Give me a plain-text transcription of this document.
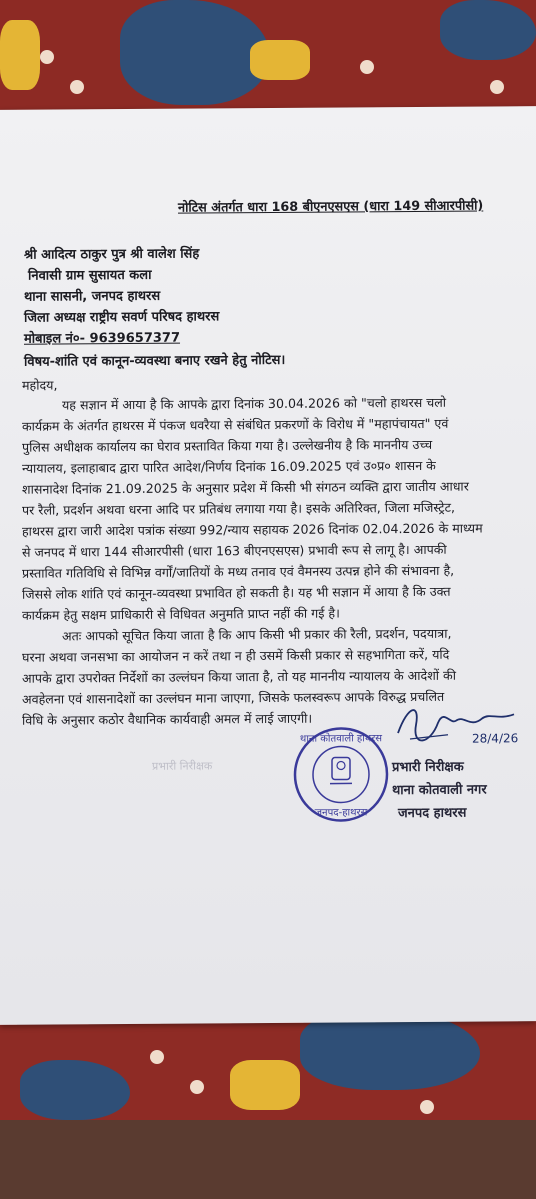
नोटिस अंतर्गत धारा 168 बीएनएसएस (धारा 149 सीआरपीसी)
श्री आदित्य ठाकुर पुत्र श्री वालेश सिंह
निवासी ग्राम सुसायत कला
थाना सासनी, जनपद हाथरस
जिला अध्यक्ष राष्ट्रीय सवर्ण परिषद हाथरस
मोबाइल नं०- 9639657377
विषय-शांति एवं कानून-व्यवस्था बनाए रखने हेतु नोटिस।
महोदय,
यह सज्ञान में आया है कि आपके द्वारा दिनांक 30.04.2026 को "चलो हाथरस चलो
कार्यक्रम के अंतर्गत हाथरस में पंकज धवरैया से संबंधित प्रकरणों के विरोध में "महापंचायत" एवं
पुलिस अधीक्षक कार्यालय का घेराव प्रस्तावित किया गया है। उल्लेखनीय है कि माननीय उच्च
न्यायालय, इलाहाबाद द्वारा पारित आदेश/निर्णय दिनांक 16.09.2025 एवं उ०प्र० शासन के
शासनादेश दिनांक 21.09.2025 के अनुसार प्रदेश में किसी भी संगठन व्यक्ति द्वारा जातीय आधार
पर रैली, प्रदर्शन अथवा धरना आदि पर प्रतिबंध लगाया गया है। इसके अतिरिक्त, जिला मजिस्ट्रेट,
हाथरस द्वारा जारी आदेश पत्रांक संख्या 992/न्याय सहायक 2026 दिनांक 02.04.2026 के माध्यम
से जनपद में धारा 144 सीआरपीसी (धारा 163 बीएनएसएस) प्रभावी रूप से लागू है। आपकी
प्रस्तावित गतिविधि से विभिन्न वर्गों/जातियों के मध्य तनाव एवं वैमनस्य उत्पन्न होने की संभावना है,
जिससे लोक शांति एवं कानून-व्यवस्था प्रभावित हो सकती है। यह भी सज्ञान में आया है कि उक्त
कार्यक्रम हेतु सक्षम प्राधिकारी से विधिवत अनुमति प्राप्त नहीं की गई है।
अतः आपको सूचित किया जाता है कि आप किसी भी प्रकार की रैली, प्रदर्शन, पदयात्रा,
घरना अथवा जनसभा का आयोजन न करें तथा न ही उसमें किसी प्रकार से सहभागिता करें, यदि
आपके द्वारा उपरोक्त निर्देशों का उल्लंघन किया जाता है, तो यह माननीय न्यायालय के आदेशों की
अवहेलना एवं शासनादेशों का उल्लंघन माना जाएगा, जिसके फलस्वरूप आपके विरुद्ध प्रचलित
विधि के अनुसार कठोर वैधानिक कार्यवाही अमल में लाई जाएगी।
28/4/26
थाना कोतवाली हाथरस
जनपद-हाथरस
प्रभारी निरीक्षक
थाना कोतवाली नगर
जनपद हाथरस
प्रभारी निरीक्षक
